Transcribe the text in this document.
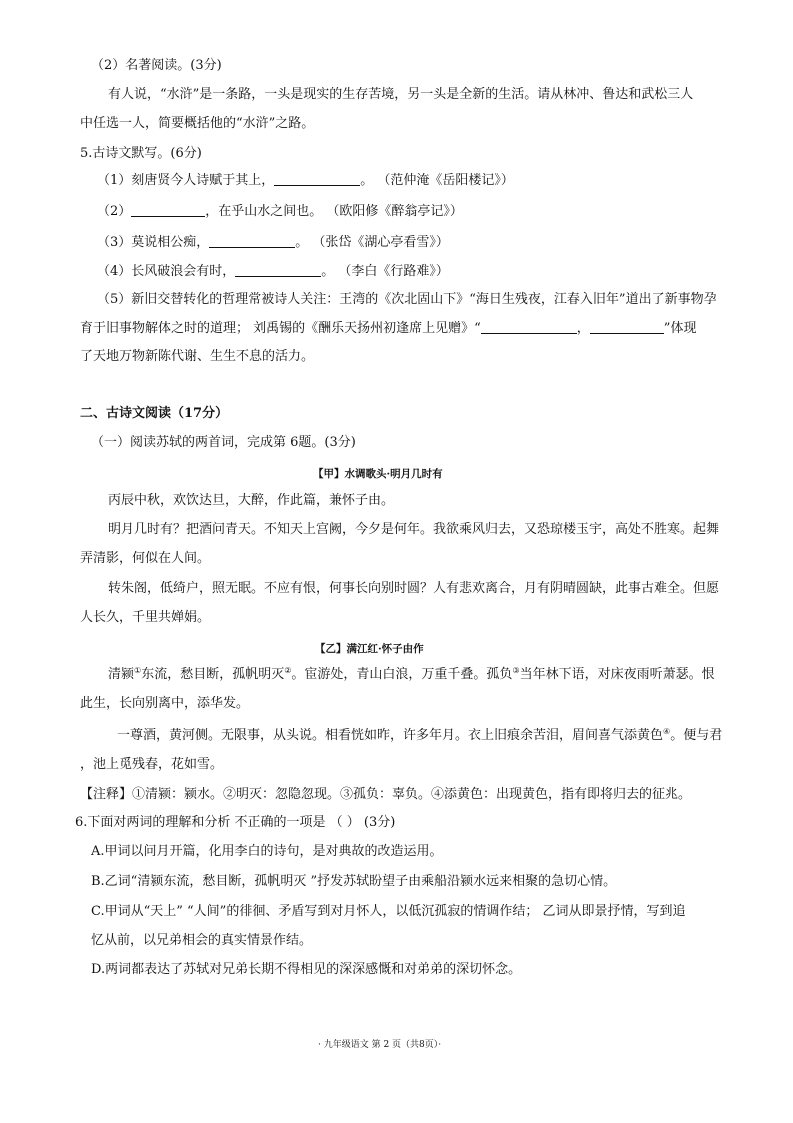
（2）名著阅读。(3分)
有人说，“水浒”是一条路，一头是现实的生存苦境，另一头是全新的生活。请从林冲、鲁达和武松三人
中任选一人，简要概括他的“水浒”之路。
5.古诗文默写。(6分)
（1）刻唐贤今人诗赋于其上，	。 （范仲淹《岳阳楼记》）
（2）	，在乎山水之间也。 （欧阳修《醉翁亭记》）
（3）莫说相公痴，	。 （张岱《湖心亭看雪》）
（4）长风破浪会有时，	。 （李白《行路难》）
（5）新旧交替转化的哲理常被诗人关注：王湾的《次北固山下》“海日生残夜，江春入旧年”道出了新事物孕
育于旧事物解体之时的道理； 刘禹锡的《酬乐天扬州初逢席上见赠》“	，	”体现
了天地万物新陈代谢、生生不息的活力。
二、古诗文阅读（17分）
（一）阅读苏轼的两首词，完成第 6题。(3分)
【甲】水调歌头·明月几时有
丙辰中秋，欢饮达旦，大醉，作此篇，兼怀子由。
明月几时有？把酒问青天。不知天上宫阙，今夕是何年。我欲乘风归去，又恐琼楼玉宇，高处不胜寒。起舞
弄清影，何似在人间。
转朱阁，低绮户，照无眠。不应有恨，何事长向别时圆？人有悲欢离合，月有阴晴圆缺，此事古难全。但愿
人长久，千里共婵娟。
【乙】满江红·怀子由作
清颍①东流，愁目断，孤帆明灭②。宦游处，青山白浪，万重千叠。孤负③当年林下语，对床夜雨听萧瑟。恨
此生，长向别离中，添华发。
一尊酒，黄河侧。无限事，从头说。相看恍如昨，许多年月。衣上旧痕余苦泪，眉间喜气添黄色④。便与君
，池上觅残春，花如雪。
【注释】①清颍：颍水。②明灭：忽隐忽现。③孤负：辜负。④添黄色：出现黄色，指有即将归去的征兆。
6.下面对两词的理解和分析 不正确的一项是 （ ） (3分)
A.甲词以问月开篇，化用李白的诗句，是对典故的改造运用。
B.乙词“清颍东流，愁目断，孤帆明灭 ”抒发苏轼盼望子由乘船沿颍水远来相聚的急切心情。
C.甲词从“天上” “人间”的徘徊、矛盾写到对月怀人，以低沉孤寂的情调作结； 乙词从即景抒情，写到追
忆从前，以兄弟相会的真实情景作结。
D.两词都表达了苏轼对兄弟长期不得相见的深深感慨和对弟弟的深切怀念。
· 九年级语文 第 2 页（共8页）·
